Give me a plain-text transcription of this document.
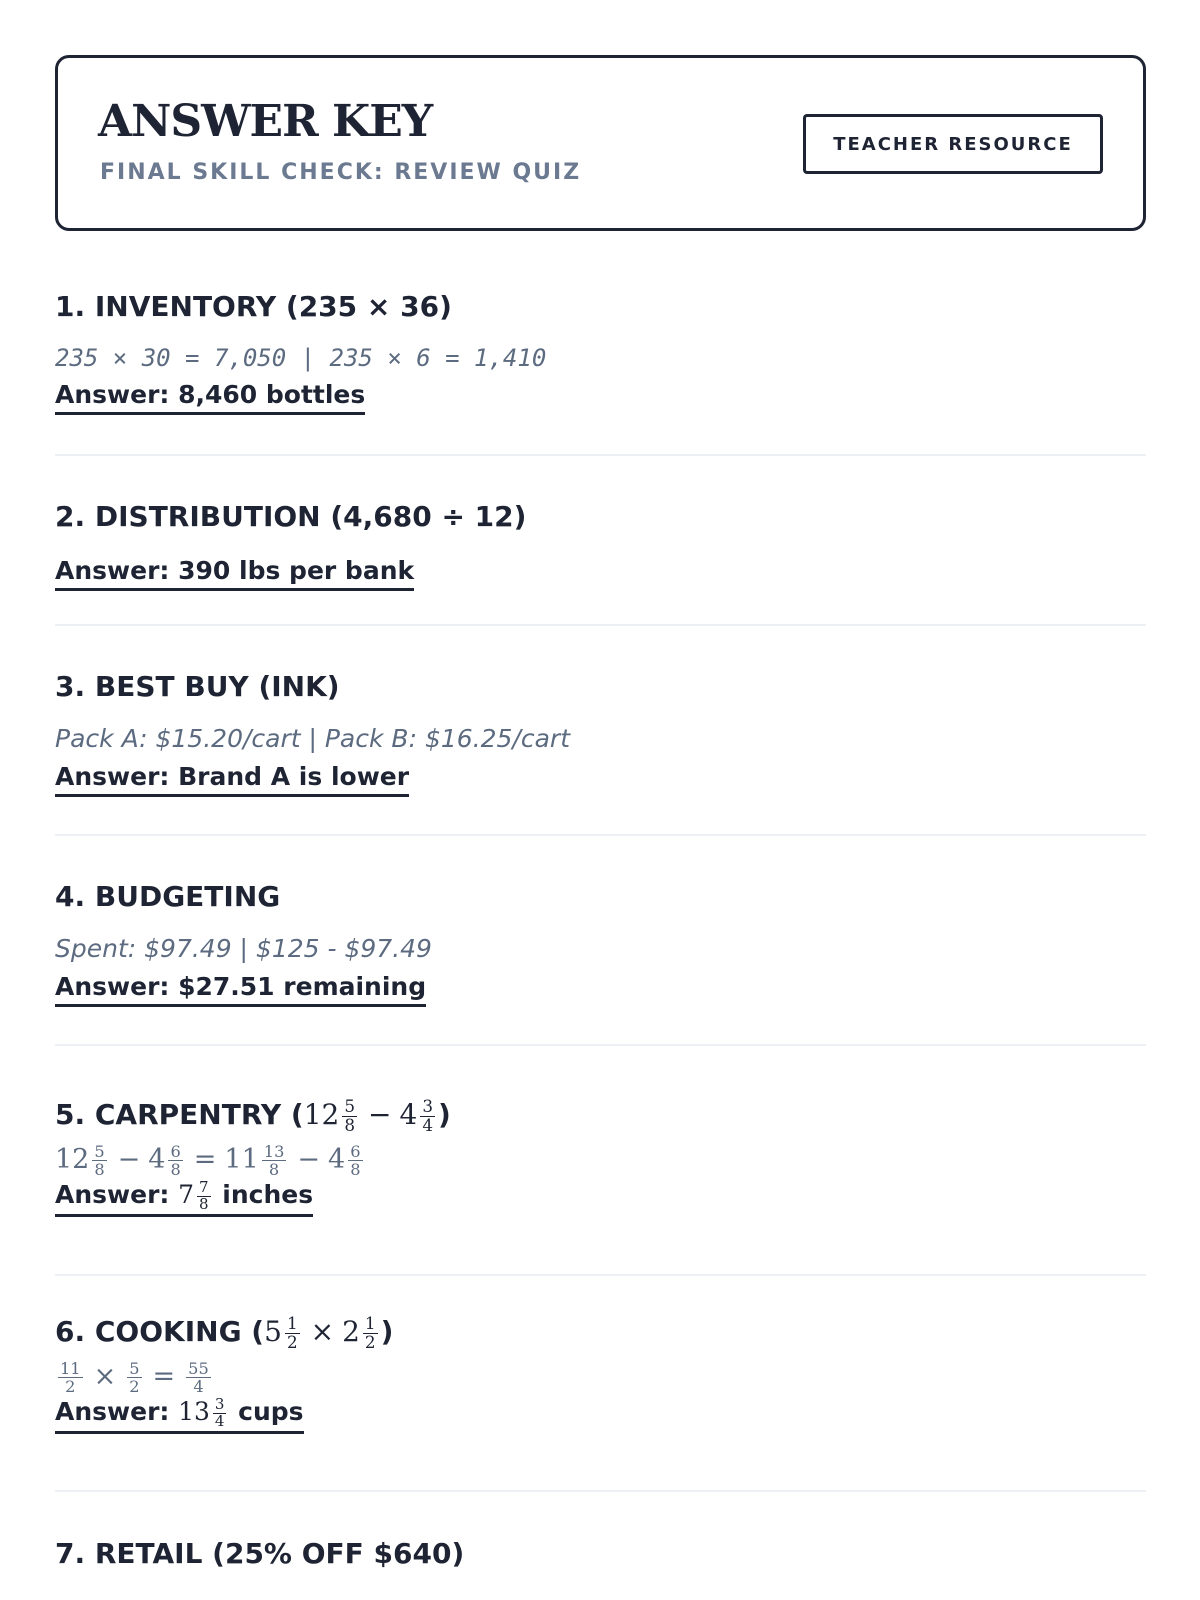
ANSWER KEY
FINAL SKILL CHECK: REVIEW QUIZ
TEACHER RESOURCE
1. INVENTORY (235 × 36)
235 × 30 = 7,050 | 235 × 6 = 1,410
Answer: 8,460 bottles
2. DISTRIBUTION (4,680 ÷ 12)
Answer: 390 lbs per bank
3. BEST BUY (INK)
Pack A: $15.20/cart | Pack B: $16.25/cart
Answer: Brand A is lower
4. BUDGETING
Spent: $97.49 | $125 - $97.49
Answer: $27.51 remaining
5. CARPENTRY ($12 \frac{5}{8} - 4 \frac{3}{4}$ )
$12 \frac{5}{8} - 4 \frac{6}{8} = 11 \frac{13}{8} - 4 \frac{6}{8}$
Answer: $7 \frac{7}{8}$ inches
6. COOKING ($5 \frac{1}{2} \times 2 \frac{1}{2}$ )
$\frac{11}{2} \times \frac{5}{2} = \frac{55}{4}$
Answer: $13 \frac{3}{4}$ cups
7. RETAIL (25% OFF $640)
